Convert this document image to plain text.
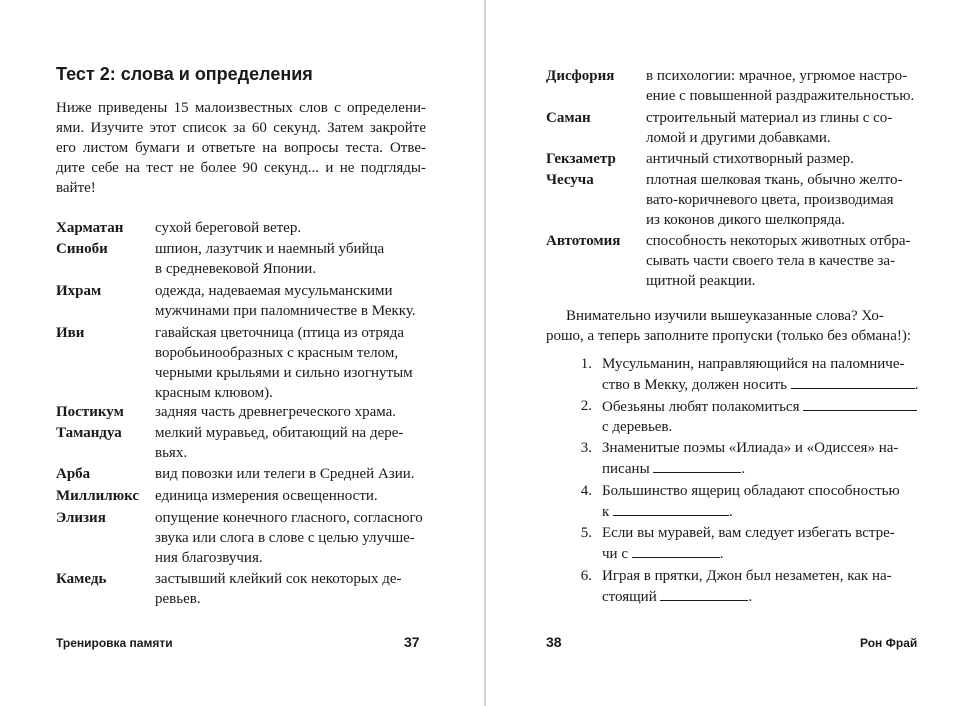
Тест 2: слова и определения
Ниже приведены 15 малоизвестных слов с определени-
ями. Изучите этот список за 60 секунд. Затем закройте
его листом бумаги и ответьте на вопросы теста. Отве-
дите себе на тест не более 90 секунд... и не подгляды-
вайте!
Харматан сухой береговой ветер.
Синоби	шпион, лазутчик и наемный убийца
в средневековой Японии.
Ихрам	одежда, надеваемая мусульманскими
мужчинами при паломничестве в Мекку.
Иви	гавайская цветочница (птица из отряда
воробьинообразных с красным телом,
черными крыльями и сильно изогнутым
красным клювом).
Постикум задняя часть древнегреческого храма.
Тамандуа мелкий муравьед, обитающий на дере-
вьях.
Арба	вид повозки или телеги в Средней Азии.
Миллилюкс единица измерения освещенности.
Элизия	опущение конечного гласного, согласного
звука или слога в слове с целью улучше-
ния благозвучия.
Камедь	застывший клейкий сок некоторых де-
ревьев.
Тренировка памяти	37
Дисфория в психологии: мрачное, угрюмое настро-
ение с повышенной раздражительностью.
Саман	строительный материал из глины с со-
ломой и другими добавками.
Гекзаметр античный стихотворный размер.
Чесуча	плотная шелковая ткань, обычно желто-
вато-коричневого цвета, производимая
из коконов дикого шелкопряда.
Автотомия способность некоторых животных отбра-
сывать части своего тела в качестве за-
щитной реакции.
Внимательно изучили вышеуказанные слова? Хо-
рошо, а теперь заполните пропуски (только без обмана!):
1. Мусульманин, направляющийся на паломниче-
ство в Мекку, должен носить	.
2. Обезьяны любят полакомиться
с деревьев.
3. Знаменитые поэмы «Илиада» и «Одиссея» на-
писаны	.
4. Большинство ящериц обладают способностью
к	.
5. Если вы муравей, вам следует избегать встре-
чи с	.
6. Играя в прятки, Джон был незаметен, как на-
стоящий	.
38	Рон Фрай
